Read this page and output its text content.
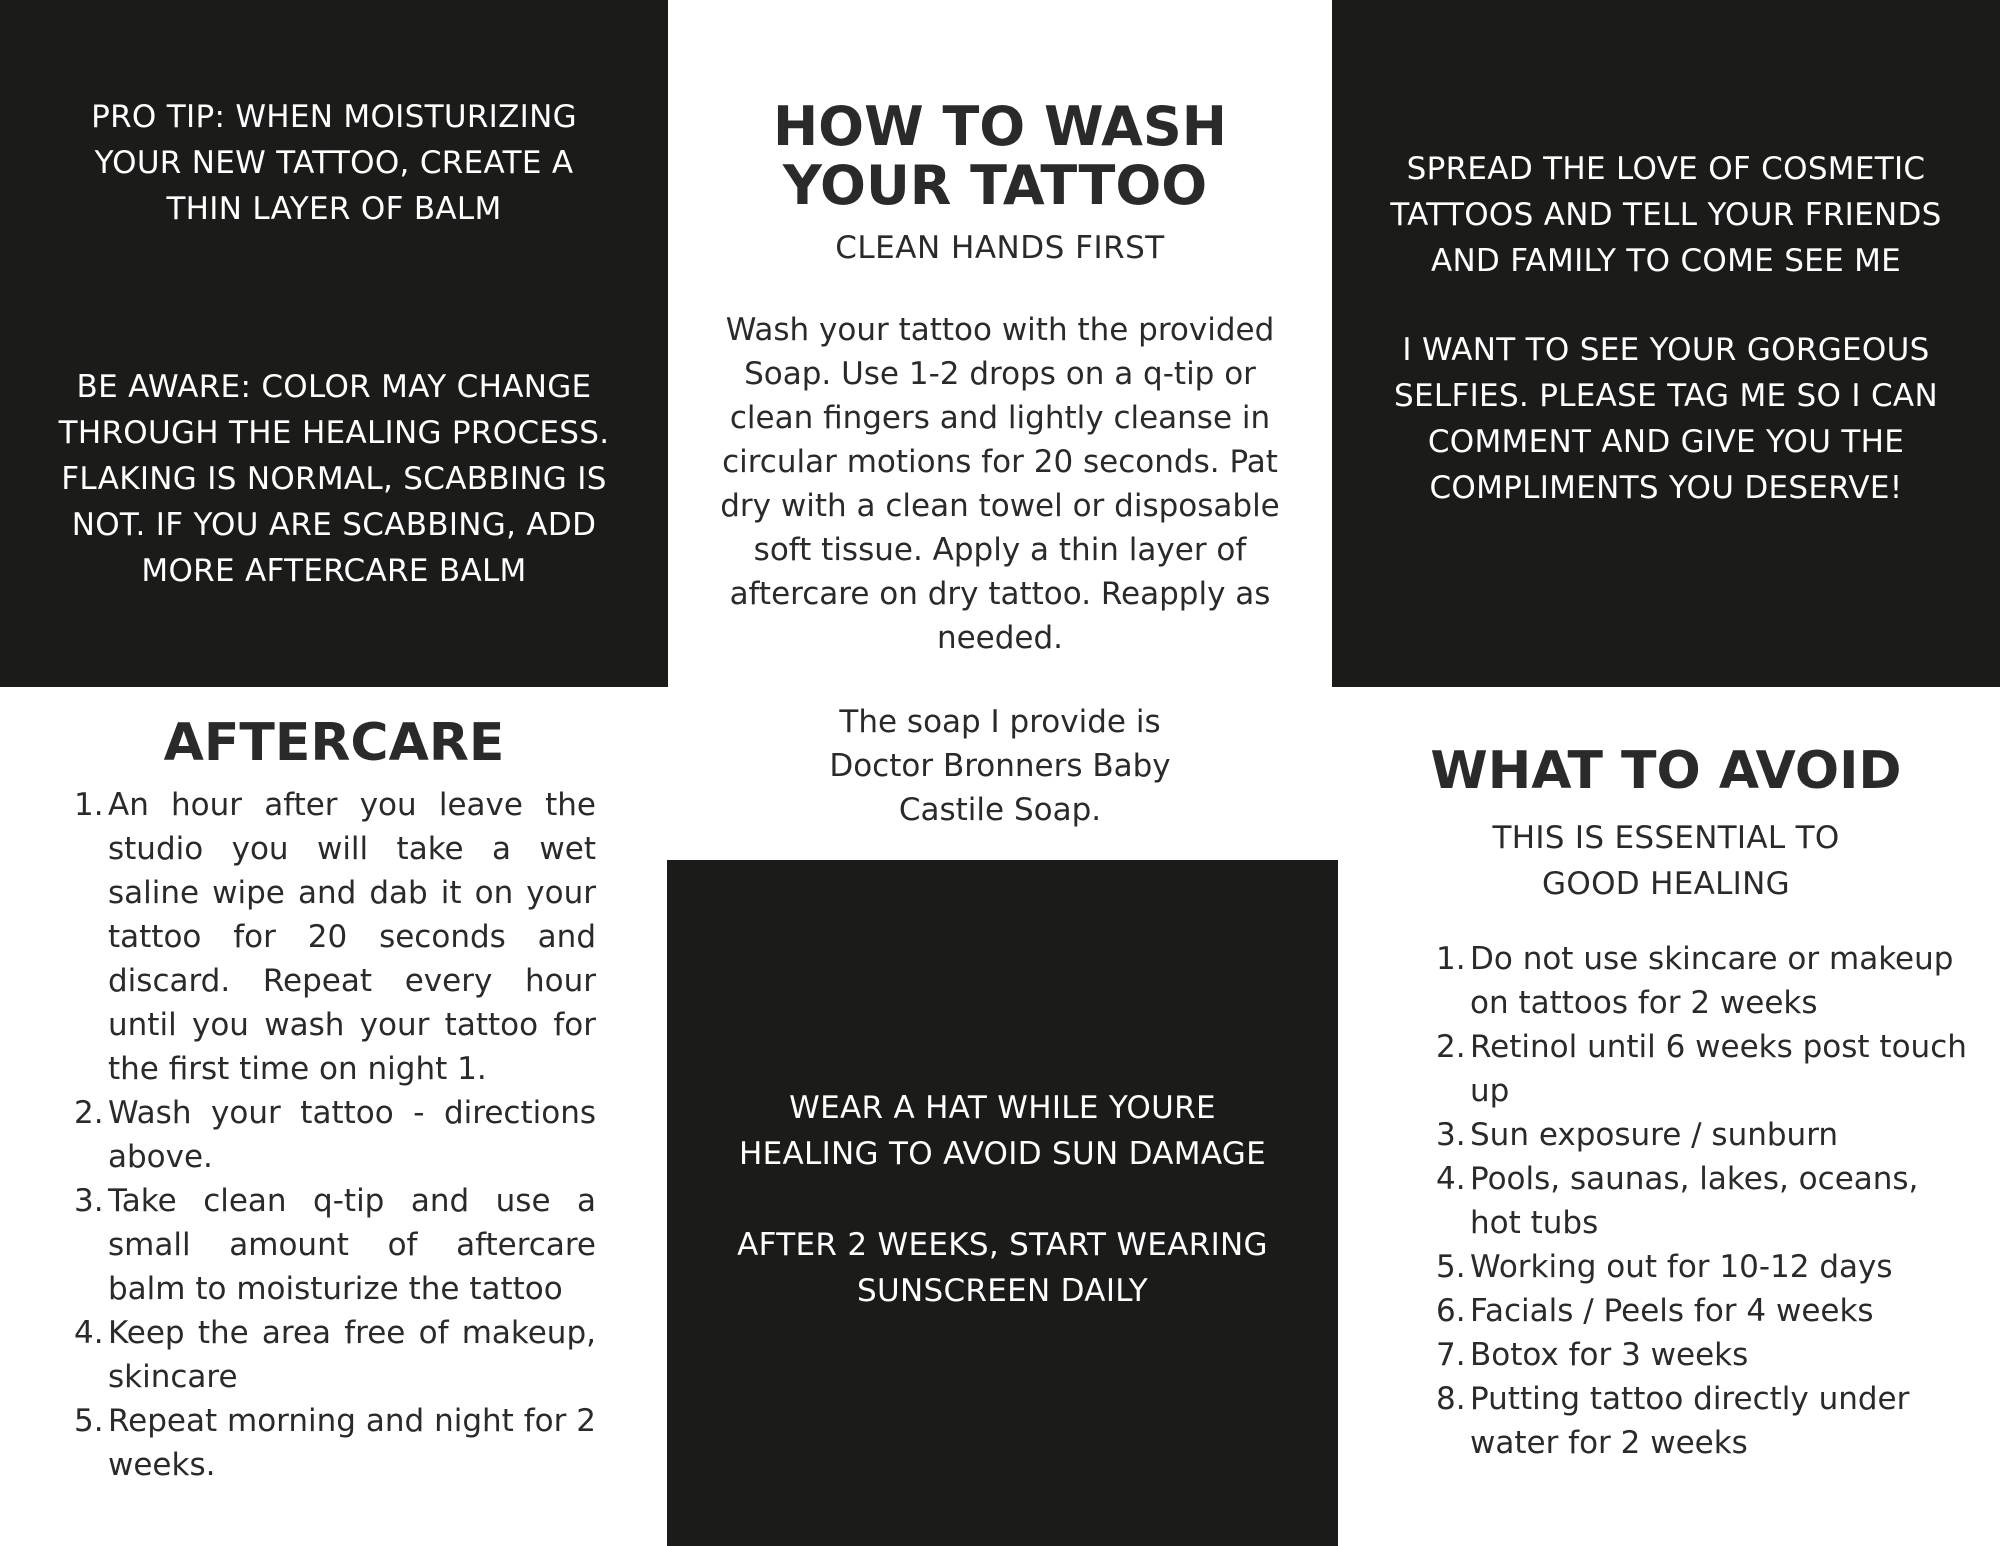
PRO TIP: WHEN MOISTURIZING YOUR NEW TATTOO, CREATE A THIN LAYER OF BALM
BE AWARE: COLOR MAY CHANGE THROUGH THE HEALING PROCESS. FLAKING IS NORMAL, SCABBING IS NOT. IF YOU ARE SCABBING, ADD MORE AFTERCARE BALM
HOW TO WASH
YOUR TATTOO
CLEAN HANDS FIRST
Wash your tattoo with the provided Soap. Use 1-2 drops on a q-tip or clean fingers and lightly cleanse in circular motions for 20 seconds. Pat dry with a clean towel or disposable soft tissue. Apply a thin layer of aftercare on dry tattoo. Reapply as needed.
The soap I provide is Doctor Bronners Baby Castile Soap.
SPREAD THE LOVE OF COSMETIC TATTOOS AND TELL YOUR FRIENDS AND FAMILY TO COME SEE ME
I WANT TO SEE YOUR GORGEOUS SELFIES. PLEASE TAG ME SO I CAN COMMENT AND GIVE YOU THE COMPLIMENTS YOU DESERVE!
AFTERCARE
1. An hour after you leave the studio you will take a wet saline wipe and dab it on your tattoo for 20 seconds and discard. Repeat every hour until you wash your tattoo for the first time on night 1.
2. Wash your tattoo - directions above.
3. Take clean q-tip and use a small amount of aftercare balm to moisturize the tattoo
4. Keep the area free of makeup, skincare
5. Repeat morning and night for 2 weeks.
WEAR A HAT WHILE YOURE HEALING TO AVOID SUN DAMAGE
AFTER 2 WEEKS, START WEARING SUNSCREEN DAILY
WHAT TO AVOID
THIS IS ESSENTIAL TO GOOD HEALING
1. Do not use skincare or makeup on tattoos for 2 weeks
2. Retinol until 6 weeks post touch up
3. Sun exposure / sunburn
4. Pools, saunas, lakes, oceans, hot tubs
5. Working out for 10-12 days
6. Facials / Peels for 4 weeks
7. Botox for 3 weeks
8. Putting tattoo directly under water for 2 weeks
